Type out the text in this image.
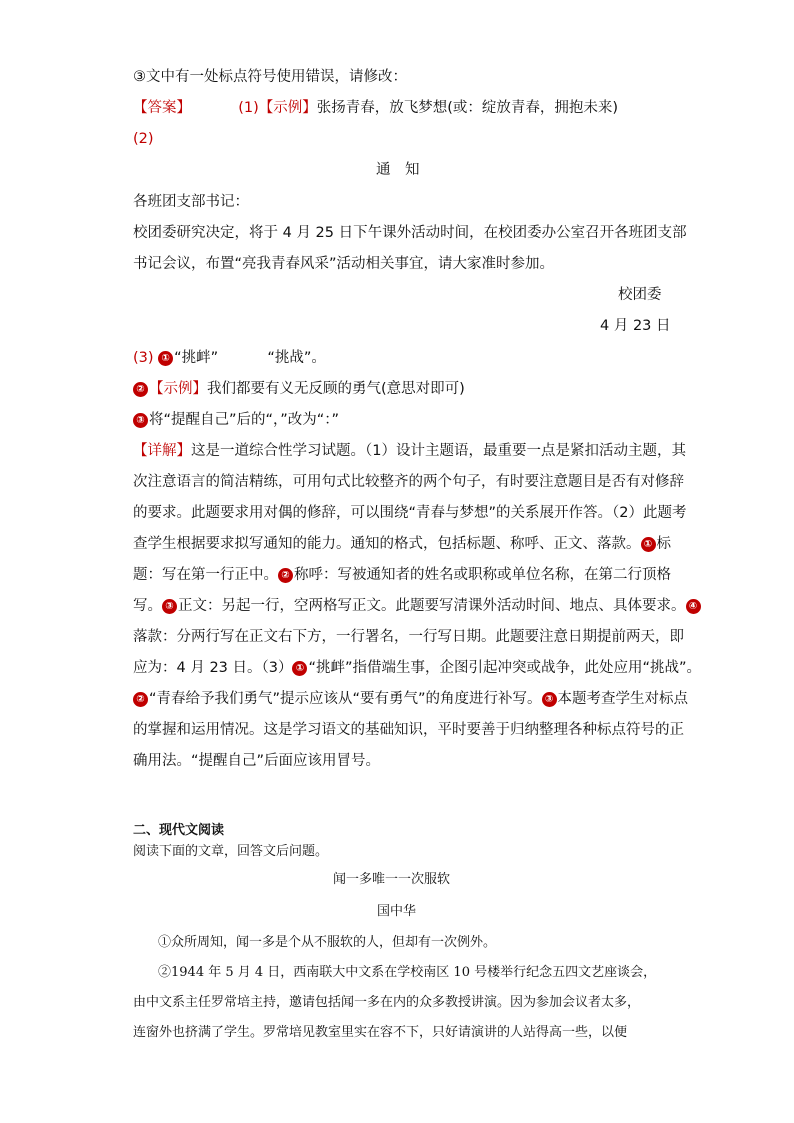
③文中有一处标点符号使用错误，请修改：
【答案】	(1)【示例】张扬青春，放飞梦想(或：绽放青春，拥抱未来)
(2)
通　知
各班团支部书记：
校团委研究决定，将于 4 月 25 日下午课外活动时间，在校团委办公室召开各班团支部
书记会议，布置“亮我青春风采”活动相关事宜，请大家准时参加。
校团委
4 月 23 日
(3) ① “挑衅”	“挑战”。
② 【示例】我们都要有义无反顾的勇气(意思对即可)
③ 将“提醒自己”后的“，”改为“：”
【详解】这是一道综合性学习试题。（1）设计主题语，最重要一点是紧扣活动主题，其
次注意语言的简洁精练，可用句式比较整齐的两个句子，有时要注意题目是否有对修辞
的要求。此题要求用对偶的修辞，可以围绕“青春与梦想”的关系展开作答。（2）此题考
查学生根据要求拟写通知的能力。通知的格式，包括标题、称呼、正文、落款。 ① 标
题：写在第一行正中。 ② 称呼：写被通知者的姓名或职称或单位名称，在第二行顶格
写。 ③ 正文：另起一行，空两格写正文。此题要写清课外活动时间、地点、具体要求。 ④
落款：分两行写在正文右下方，一行署名，一行写日期。此题要注意日期提前两天，即
应为：4 月 23 日。（3） ① “挑衅”指借端生事，企图引起冲突或战争，此处应用“挑战”。
② “青春给予我们勇气”提示应该从“要有勇气”的角度进行补写。 ③ 本题考查学生对标点
的掌握和运用情况。这是学习语文的基础知识，平时要善于归纳整理各种标点符号的正
确用法。“提醒自己”后面应该用冒号。
二、现代文阅读
阅读下面的文章，回答文后问题。
闻一多唯一一次服软
国中华
①众所周知，闻一多是个从不服软的人，但却有一次例外。
②1944 年 5 月 4 日，西南联大中文系在学校南区 10 号楼举行纪念五四文艺座谈会，
由中文系主任罗常培主持，邀请包括闻一多在内的众多教授讲演。因为参加会议者太多，
连窗外也挤满了学生。罗常培见教室里实在容不下，只好请演讲的人站得高一些，以便
